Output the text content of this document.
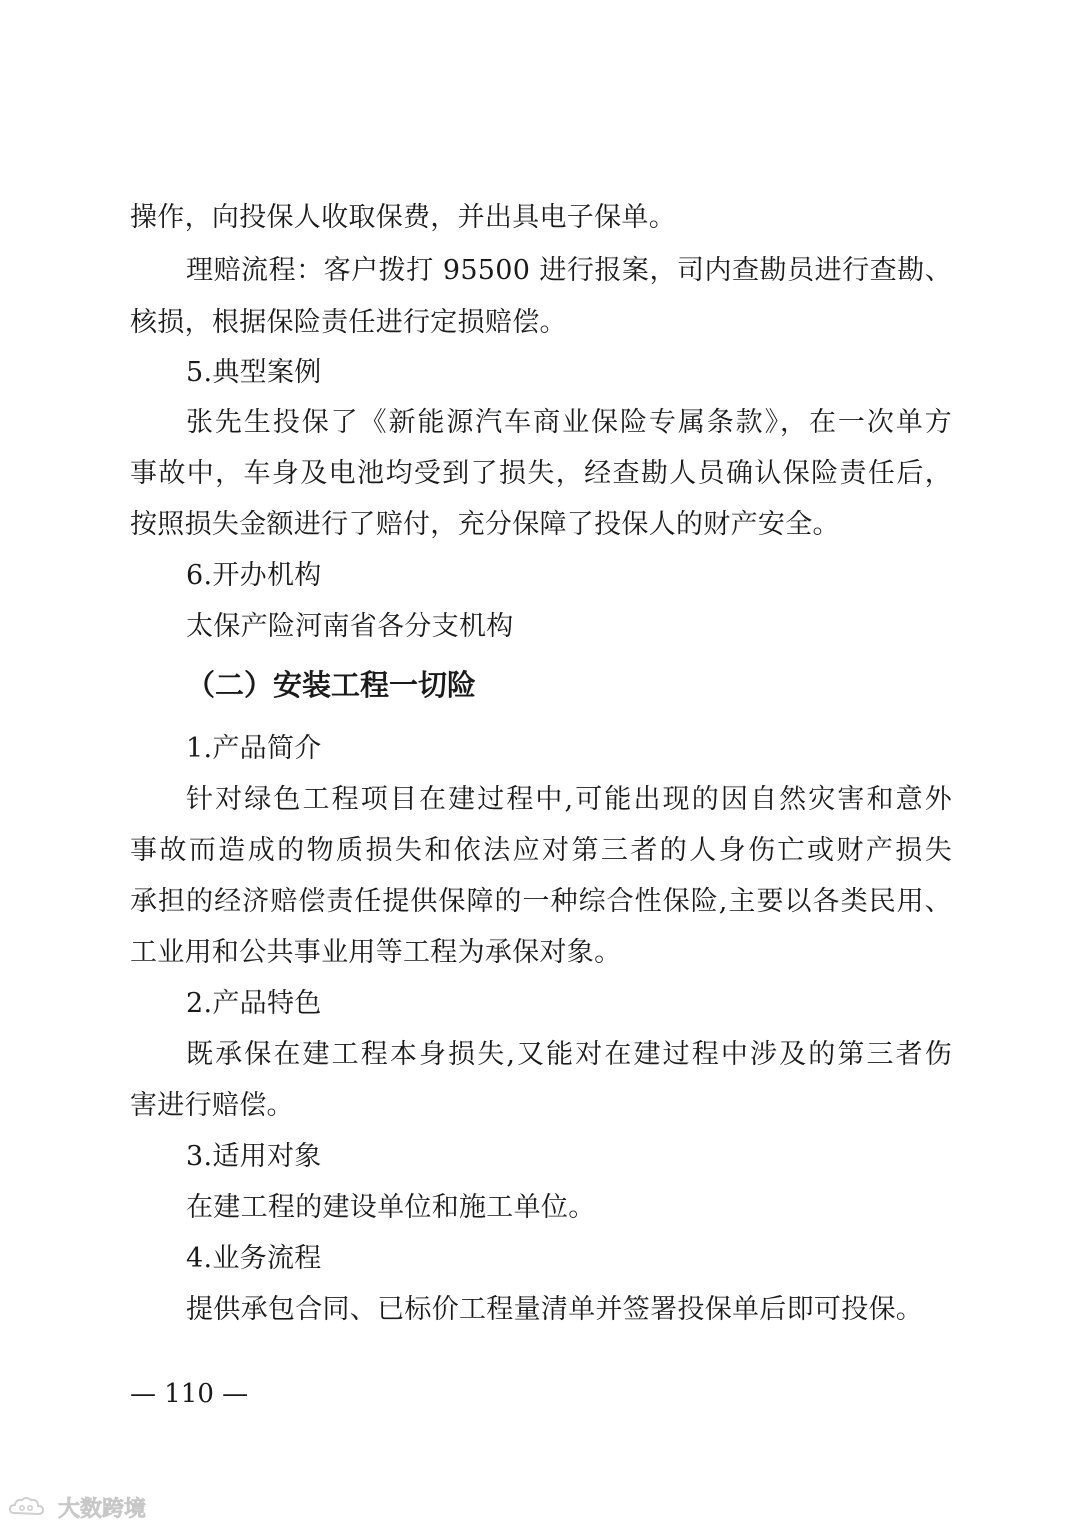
操作，向投保人收取保费，并出具电子保单。
理赔流程：客户拨打 95500 进行报案，司内查勘员进行查勘、
核损，根据保险责任进行定损赔偿。
5.典型案例
张先生投保了《新能源汽车商业保险专属条款》，在一次单方
事故中，车身及电池均受到了损失，经查勘人员确认保险责任后，
按照损失金额进行了赔付，充分保障了投保人的财产安全。
6.开办机构
太保产险河南省各分支机构
（二）安装工程一切险
1.产品简介
针对绿色工程项目在建过程中,可能出现的因自然灾害和意外
事故而造成的物质损失和依法应对第三者的人身伤亡或财产损失
承担的经济赔偿责任提供保障的一种综合性保险,主要以各类民用、
工业用和公共事业用等工程为承保对象。
2.产品特色
既承保在建工程本身损失,又能对在建过程中涉及的第三者伤
害进行赔偿。
3.适用对象
在建工程的建设单位和施工单位。
4.业务流程
提供承包合同、已标价工程量清单并签署投保单后即可投保。
— 110 —
大数跨境
